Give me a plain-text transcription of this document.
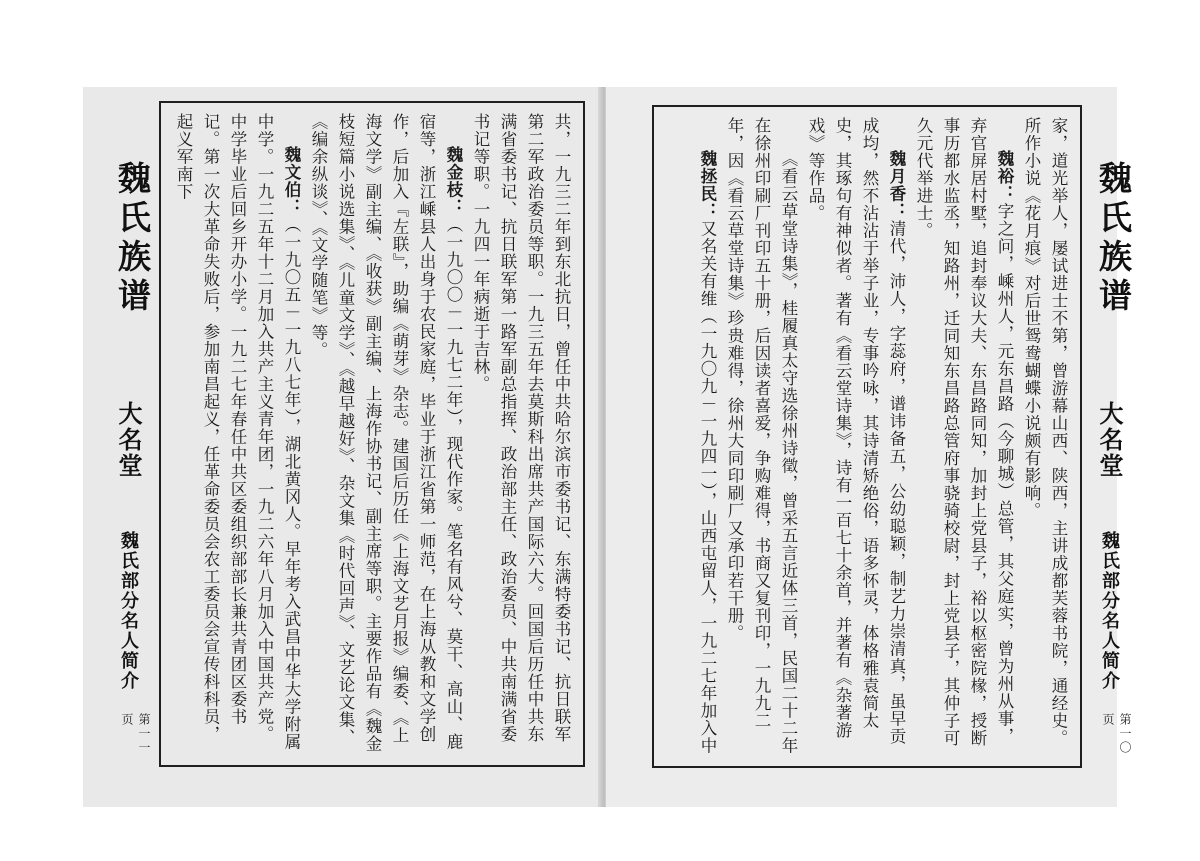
共，一九三二年到东北抗日，曾任中共哈尔滨市委书记、东满特委书记、抗日联军第二军政治委员等职。一九三五年去莫斯科出席共产国际六大。回国后历任中共东满省委书记、抗日联军第一路军副总指挥、政治部主任、政治委员、中共南满省委书记等职。一九四一年病逝于吉林。

魏金枝：（一九〇〇－一九七二年），现代作家。笔名有风兮、莫干、高山、鹿宿等，浙江嵊县人出身于农民家庭，毕业于浙江省第一师范，在上海从教和文学创作，后加入『左联』，助编《萌芽》杂志。建国后历任《上海文艺月报》编委、《上海文学》副主编、《收获》副主编、上海作协书记、副主席等职。主要作品有《魏金枝短篇小说选集》、《儿童文学》、《越早越好》、杂文集《时代回声》、文艺论文集、《编余纵谈》、《文学随笔》等。

魏文伯：（一九〇五－一九八七年），湖北黄冈人。早年考入武昌中华大学附属中学。一九二五年十二月加入共产主义青年团，一九二六年八月加入中国共产党。中学毕业后回乡开办小学。一九二七年春任中共区委组织部部长兼共青团区委书记。第一次大革命失败后，参加南昌起义，任革命委员会农工委员会宣传科科员，起义军南下

魏氏族谱
大名堂
魏氏部分名人简介
第一一页	家，道光举人，屡试进士不第，曾游幕山西、陕西，主讲成都芙蓉书院，通经史。所作小说《花月痕》对后世鸳鸯蝴蝶小说颇有影响。

魏裕：字之问，嵊州人，元东昌路（今聊城）总管，其父庭实，曾为州从事，弃官屏居村墅，追封奉议大夫、东昌路同知，加封上党县子，裕以枢密院椽，授断事历都水监丞，知路州，迁同知东昌路总管府事骁骑校尉，封上党县子，其仲子可久元代举进士。

魏月香：清代，沛人，字蕊府，谱讳备五，公幼聪颖，制艺力崇清真，虽早贡成均，然不沾沾于举子业，专事吟咏，其诗清矫绝俗，语多怀灵，体格雅袁简太史，其琢句有神似者。著有《看云堂诗集》，诗有一百七十余首，并著有《杂著游戏》等作品。

《看云草堂诗集》，桂履真太守选徐州诗徵，曾采五言近体三首，民国二十二年在徐州印刷厂刊印五十册，后因读者喜爱，争购难得，书商又复刊印，一九九二年，因《看云草堂诗集》珍贵难得，徐州大同印刷厂又承印若干册。

魏拯民：又名关有维（一九〇九－一九四一），山西屯留人，一九二七年加入中	魏氏族谱
大名堂
魏氏部分名人简介
第一〇页
